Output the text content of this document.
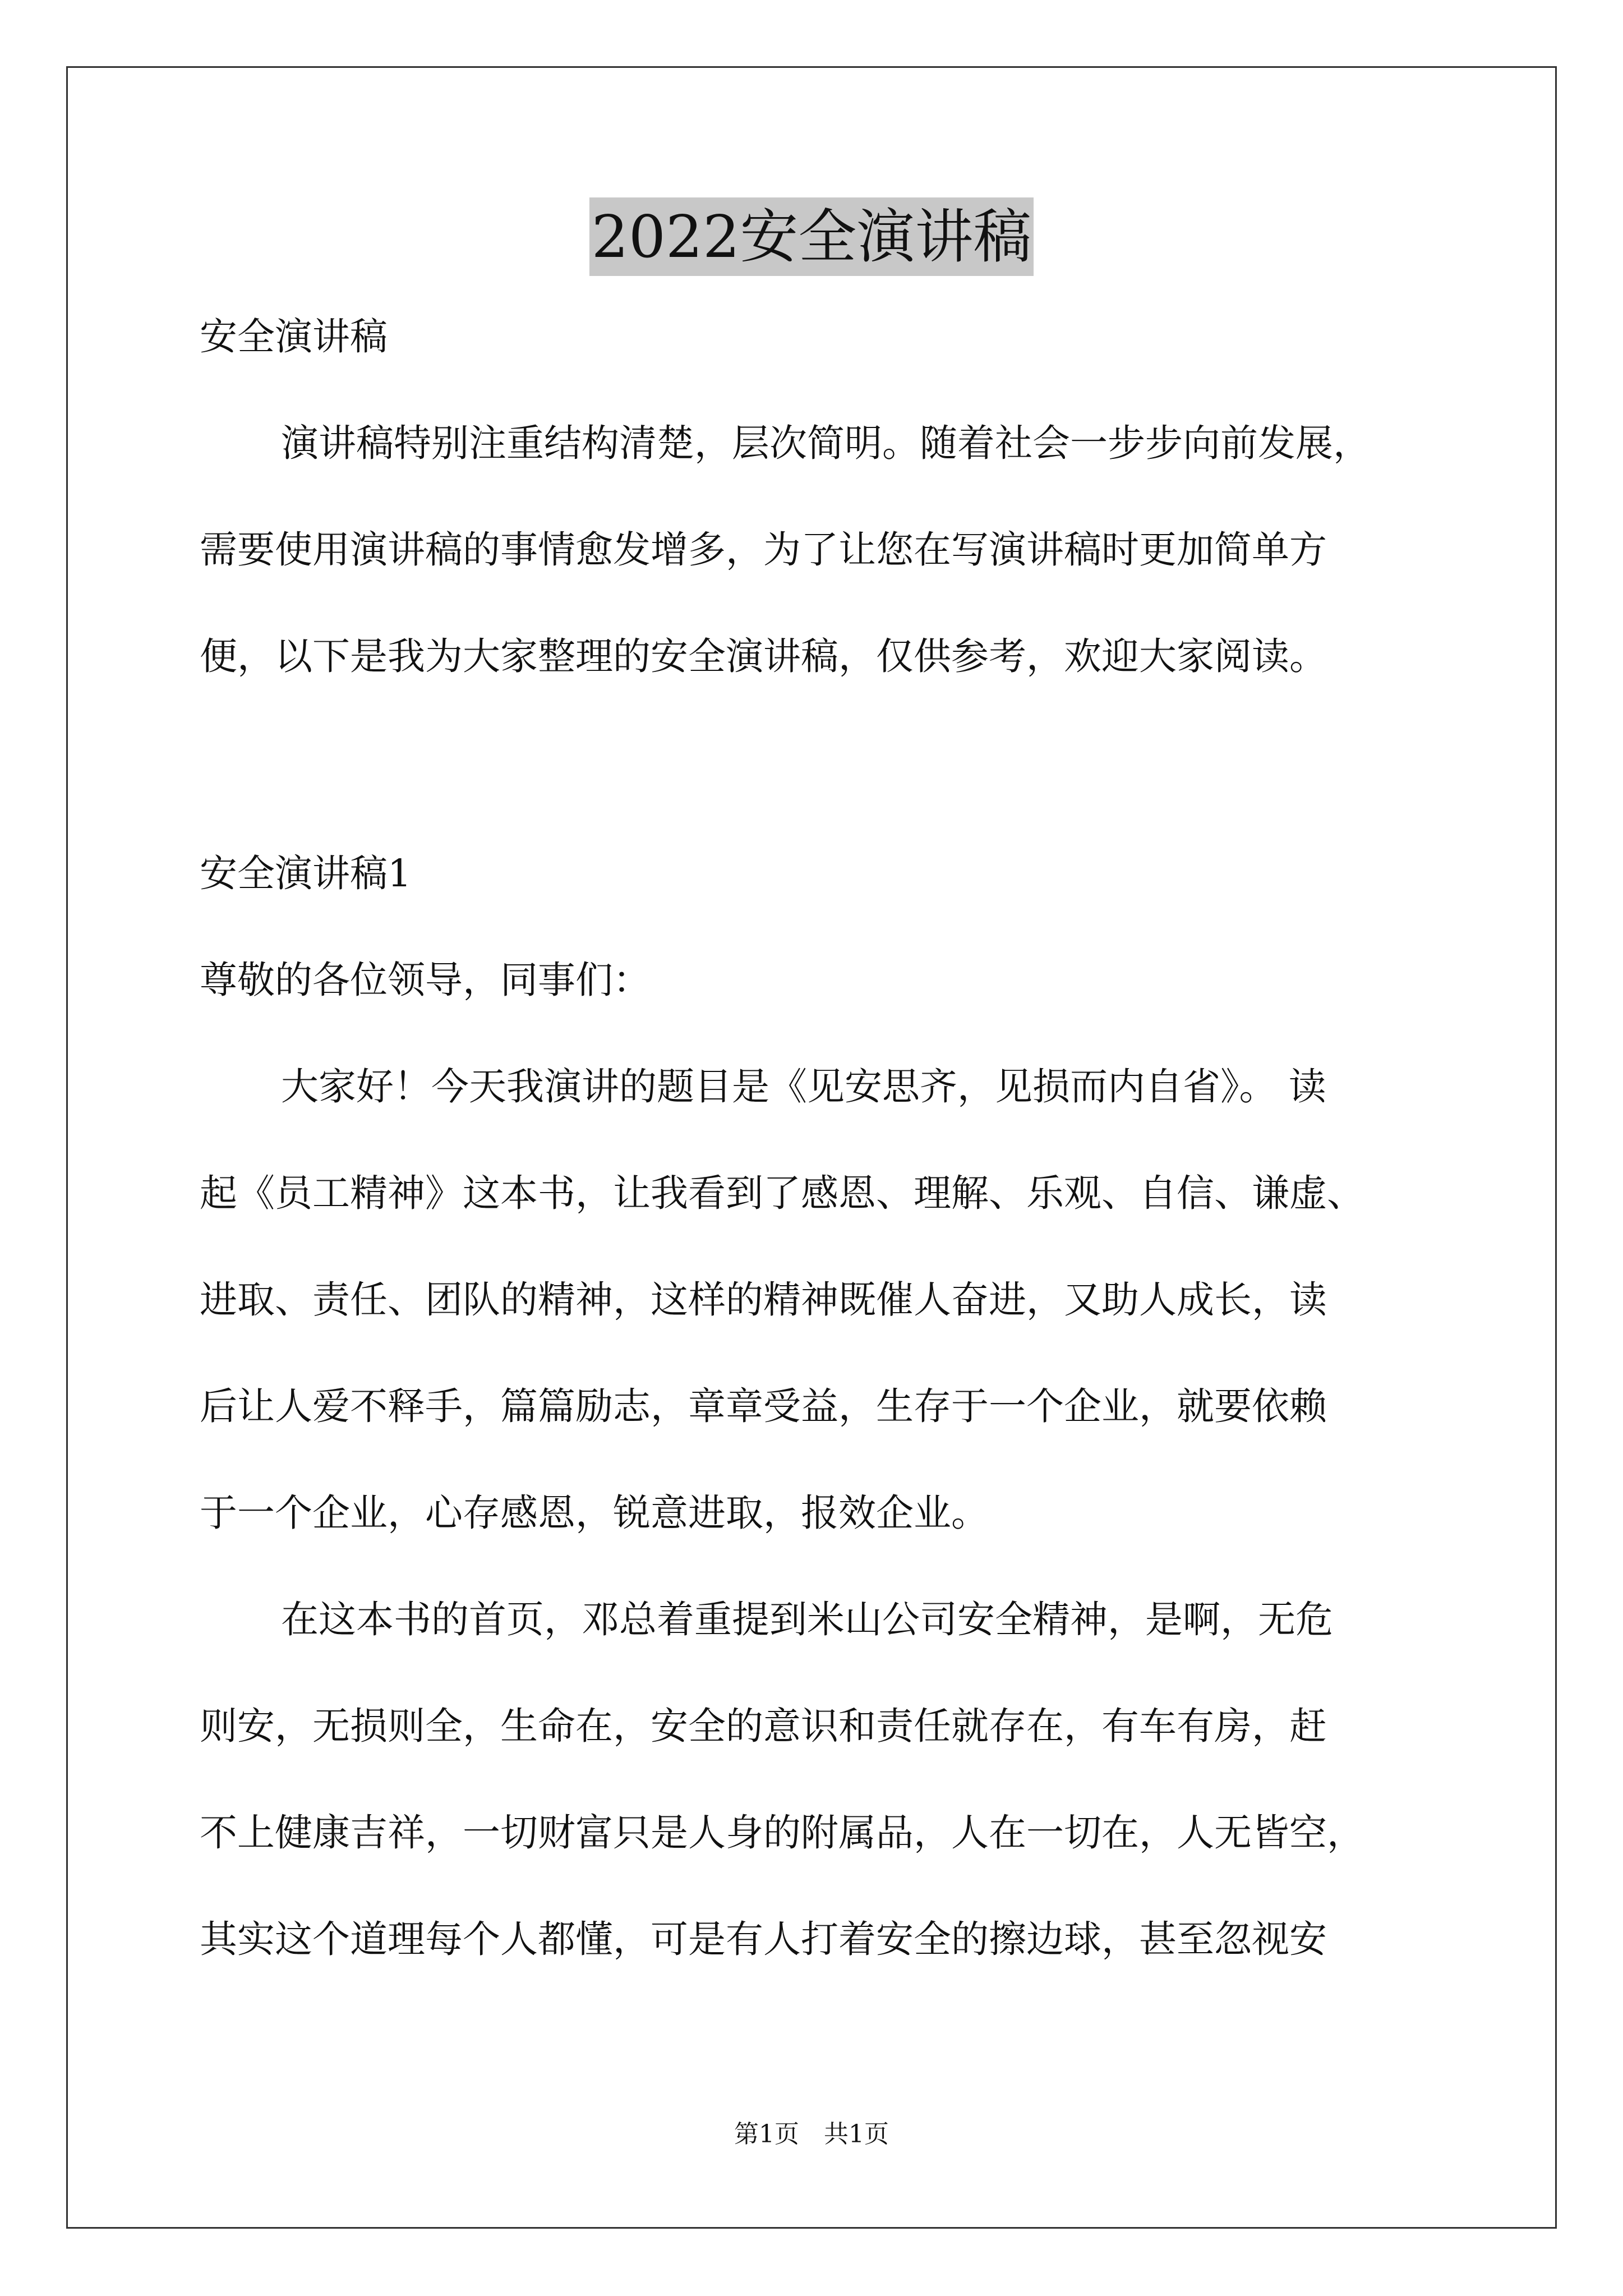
2022安全演讲稿

安全演讲稿

演讲稿特别注重结构清楚，层次简明。随着社会一步步向前发展，

需要使用演讲稿的事情愈发增多，为了让您在写演讲稿时更加简单方

便，以下是我为大家整理的安全演讲稿，仅供参考，欢迎大家阅读。

安全演讲稿1

尊敬的各位领导，同事们：

大家好！今天我演讲的题目是《见安思齐，见损而内自省》。 读

起《员工精神》这本书，让我看到了感恩、理解、乐观、自信、谦虚、

进取、责任、团队的精神，这样的精神既催人奋进，又助人成长，读

后让人爱不释手，篇篇励志，章章受益，生存于一个企业，就要依赖

于一个企业，心存感恩，锐意进取，报效企业。

在这本书的首页，邓总着重提到米山公司安全精神，是啊，无危

则安，无损则全，生命在，安全的意识和责任就存在，有车有房，赶

不上健康吉祥，一切财富只是人身的附属品，人在一切在，人无皆空，

其实这个道理每个人都懂，可是有人打着安全的擦边球，甚至忽视安

第1页　共1页
